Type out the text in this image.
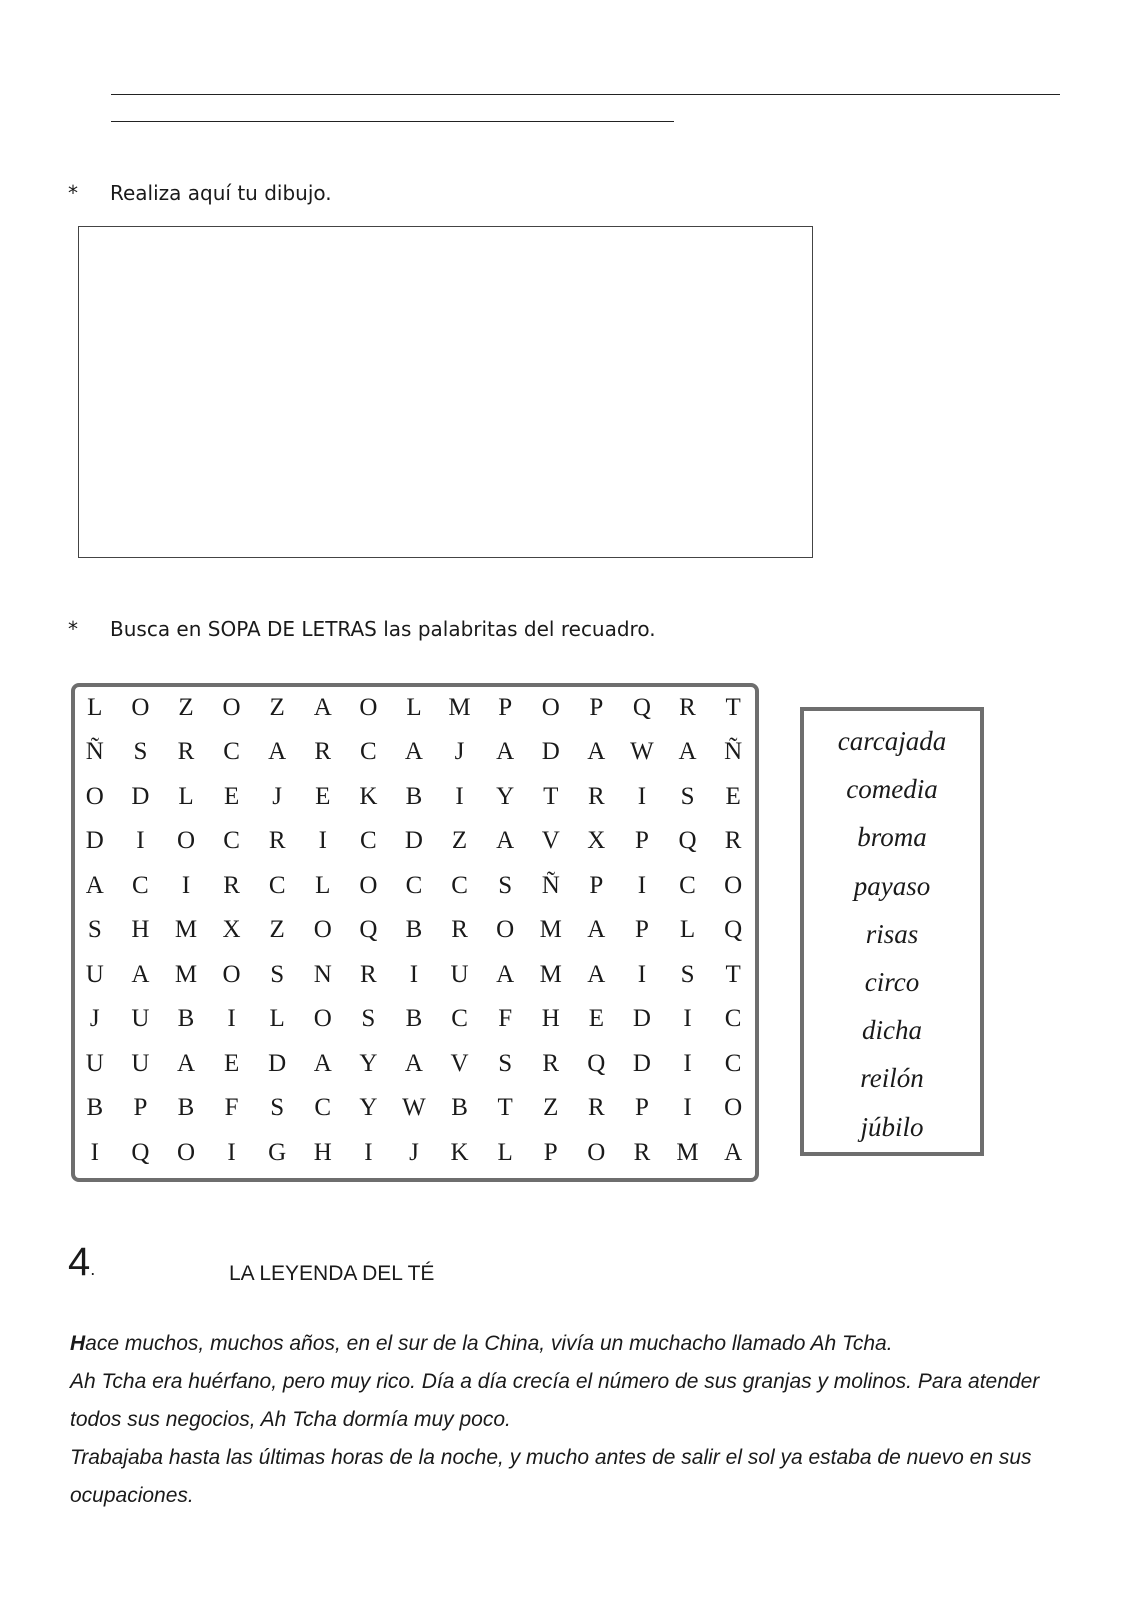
* Realiza aquí tu dibujo.
* Busca en SOPA DE LETRAS las palabritas del recuadro.
L	O	Z	O	Z	A	O	L	M	P	O	P	Q	R	T
Ñ	S	R	C	A	R	C	A	J	A	D	A W A	Ñ
O	D	L	E	J	E	K	B	I	Y	T	R	I	S	E
D	I	O	C	R	I	C	D	Z	A	V	X	P	Q	R
A	C	I	R	C	L	O	C	C	S	Ñ	P	I	C	O
S	H	M	X	Z	O	Q	B	R	O	M	A	P	L	Q
U	A	M	O	S	N	R	I	U	A	M	A	I	S	T
J	U	B	I	L	O	S	B	C	F	H	E	D	I	C
U	U	A	E	D	A	Y	A	V	S	R	Q	D	I	C
B	P	B	F	S	C	Y W	B	T	Z	R	P	I	O
I	Q	O	I	G	H	I	J	K	L	P	O	R	M	A
carcajada
comedia
broma
payaso
risas
circo
dicha
reilón
júbilo
4.	LA LEYENDA DEL TÉ

Hace muchos, muchos años, en el sur de la China, vivía un muchacho llamado Ah Tcha.

Ah Tcha era huérfano, pero muy rico. Día a día crecía el número de sus granjas y molinos. Para atender todos sus negocios, Ah Tcha dormía muy poco.

Trabajaba hasta las últimas horas de la noche, y mucho antes de salir el sol ya estaba de nuevo en sus ocupaciones.
